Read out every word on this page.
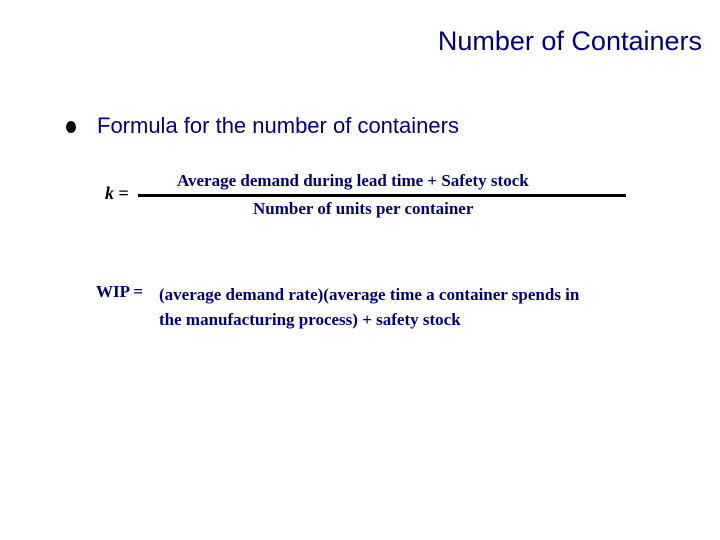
Number of Containers
Formula for the number of containers
k =
Average demand during lead time + Safety stock
Number of units per container
WIP = (average demand rate)(average time a container spends in
the manufacturing process) + safety stock
